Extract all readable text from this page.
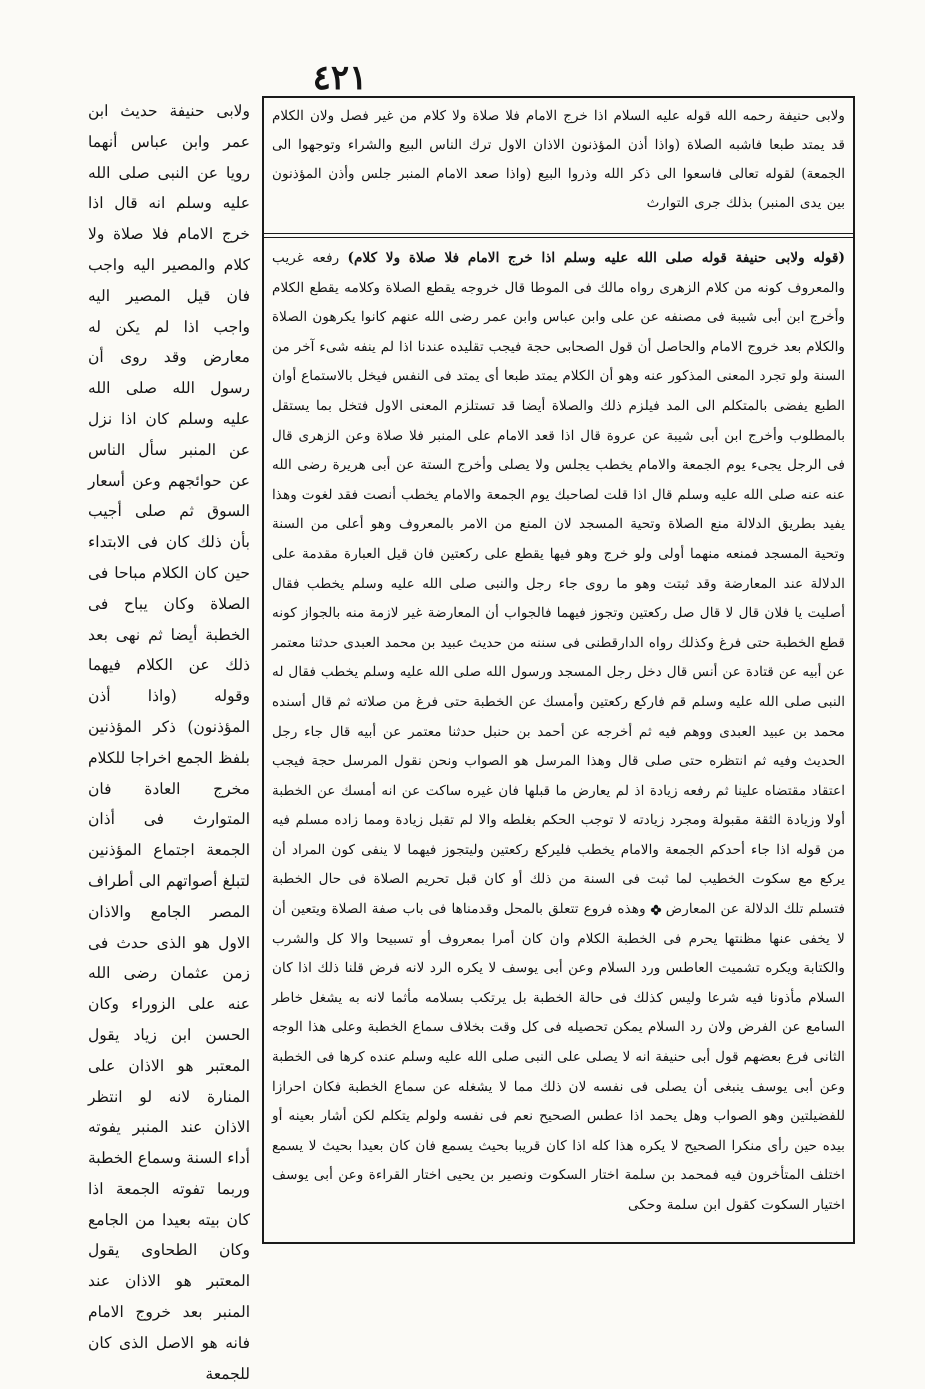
٤٢١
ولابى حنيفة حديث ابن عمر وابن عباس أنهما رويا عن النبى صلى الله عليه وسلم انه قال اذا خرج الامام فلا صلاة ولا كلام والمصير اليه واجب فان قيل المصير اليه واجب اذا لم يكن له معارض وقد روى أن رسول الله صلى الله عليه وسلم كان اذا نزل عن المنبر سأل الناس عن حوائجهم وعن أسعار السوق ثم صلى أجيب بأن ذلك كان فى الابتداء حين كان الكلام مباحا فى الصلاة وكان يباح فى الخطبة أيضا ثم نهى بعد ذلك عن الكلام فيهما وقوله (واذا أذن المؤذنون) ذكر المؤذنين بلفظ الجمع اخراجا للكلام مخرج العادة فان المتوارث فى أذان الجمعة اجتماع المؤذنين لتبلغ أصواتهم الى أطراف المصر الجامع والاذان الاول هو الذى حدث فى زمن عثمان رضى الله عنه على الزوراء وكان الحسن ابن زياد يقول المعتبر هو الاذان على المنارة لانه لو انتظر الاذان عند المنبر يفوته أداء السنة وسماع الخطبة وربما تفوته الجمعة اذا كان بيته بعيدا من الجامع وكان الطحاوى يقول المعتبر هو الاذان عند المنبر بعد خروج الامام فانه هو الاصل الذى كان للجمعة
ولابى حنيفة رحمه الله قوله عليه السلام اذا خرج الامام فلا صلاة ولا كلام من غير فصل ولان الكلام قد يمتد طبعا فاشبه الصلاة (واذا أذن المؤذنون الاذان الاول ترك الناس البيع والشراء وتوجهوا الى الجمعة) لقوله تعالى فاسعوا الى ذكر الله وذروا البيع (واذا صعد الامام المنبر جلس وأذن المؤذنون بين يدى المنبر) بذلك جرى التوارث
(قوله ولابى حنيفة قوله صلى الله عليه وسلم اذا خرج الامام فلا صلاة ولا كلام) رفعه غريب والمعروف كونه من كلام الزهرى رواه مالك فى الموطا قال خروجه يقطع الصلاة وكلامه يقطع الكلام وأخرج ابن أبى شيبة فى مصنفه عن على وابن عباس وابن عمر رضى الله عنهم كانوا يكرهون الصلاة والكلام بعد خروج الامام والحاصل أن قول الصحابى حجة فيجب تقليده عندنا اذا لم ينفه شىء آخر من السنة ولو تجرد المعنى المذكور عنه وهو أن الكلام يمتد طبعا أى يمتد فى النفس فيخل بالاستماع أوان الطبع يفضى بالمتكلم الى المد فيلزم ذلك والصلاة أيضا قد تستلزم المعنى الاول فتخل بما يستقل بالمطلوب وأخرج ابن أبى شيبة عن عروة قال اذا قعد الامام على المنبر فلا صلاة وعن الزهرى قال فى الرجل يجىء يوم الجمعة والامام يخطب يجلس ولا يصلى وأخرج الستة عن أبى هريرة رضى الله عنه عنه صلى الله عليه وسلم قال اذا قلت لصاحبك يوم الجمعة والامام يخطب أنصت فقد لغوت وهذا يفيد بطريق الدلالة منع الصلاة وتحية المسجد لان المنع من الامر بالمعروف وهو أعلى من السنة وتحية المسجد فمنعه منهما أولى ولو خرج وهو فيها يقطع على ركعتين فان قيل العبارة مقدمة على الدلالة عند المعارضة وقد ثبتت وهو ما روى جاء رجل والنبى صلى الله عليه وسلم يخطب فقال أصليت يا فلان قال لا قال صل ركعتين وتجوز فيهما فالجواب أن المعارضة غير لازمة منه بالجواز كونه قطع الخطبة حتى فرغ وكذلك رواه الدارقطنى فى سننه من حديث عبيد بن محمد العبدى حدثنا معتمر عن أبيه عن قتادة عن أنس قال دخل رجل المسجد ورسول الله صلى الله عليه وسلم يخطب فقال له النبى صلى الله عليه وسلم قم فاركع ركعتين وأمسك عن الخطبة حتى فرغ من صلاته ثم قال أسنده محمد بن عبيد العبدى ووهم فيه ثم أخرجه عن أحمد بن حنبل حدثنا معتمر عن أبيه قال جاء رجل الحديث وفيه ثم انتظره حتى صلى قال وهذا المرسل هو الصواب ونحن نقول المرسل حجة فيجب اعتقاد مقتضاه علينا ثم رفعه زيادة اذ لم يعارض ما قبلها فان غيره ساكت عن انه أمسك عن الخطبة أولا وزيادة الثقة مقبولة ومجرد زيادته لا توجب الحكم بغلطه والا لم تقبل زيادة ومما زاده مسلم فيه من قوله اذا جاء أحدكم الجمعة والامام يخطب فليركع ركعتين وليتجوز فيهما لا ينفى كون المراد أن يركع مع سكوت الخطيب لما ثبت فى السنة من ذلك أو كان قبل تحريم الصلاة فى حال الخطبة فتسلم تلك الدلالة عن المعارضوهذه فروع تتعلق بالمحل وقدمناها فى باب صفة الصلاة ويتعين أن لا يخفى عنها مظنتها يحرم فى الخطبة الكلام وان كان أمرا بمعروف أو تسبيحا والا كل والشرب والكتابة ويكره تشميت العاطس ورد السلام وعن أبى يوسف لا يكره الرد لانه فرض قلنا ذلك اذا كان السلام مأذونا فيه شرعا وليس كذلك فى حالة الخطبة بل يرتكب بسلامه مأثما لانه به يشغل خاطر السامع عن الفرض ولان رد السلام يمكن تحصيله فى كل وقت بخلاف سماع الخطبة وعلى هذا الوجه الثانى فرع بعضهم قول أبى حنيفة انه لا يصلى على النبى صلى الله عليه وسلم عنده كرها فى الخطبة وعن أبى يوسف ينبغى أن يصلى فى نفسه لان ذلك مما لا يشغله عن سماع الخطبة فكان احرازا للفضيلتين وهو الصواب وهل يحمد اذا عطس الصحيح نعم فى نفسه ولولم يتكلم لكن أشار بعينه أو بيده حين رأى منكرا الصحيح لا يكره هذا كله اذا كان قريبا بحيث يسمع فان كان بعيدا بحيث لا يسمع اختلف المتأخرون فيه فمحمد بن سلمة اختار السكوت ونصير بن يحيى اختار القراءة وعن أبى يوسف اختيار السكوت كقول ابن سلمة وحكى
